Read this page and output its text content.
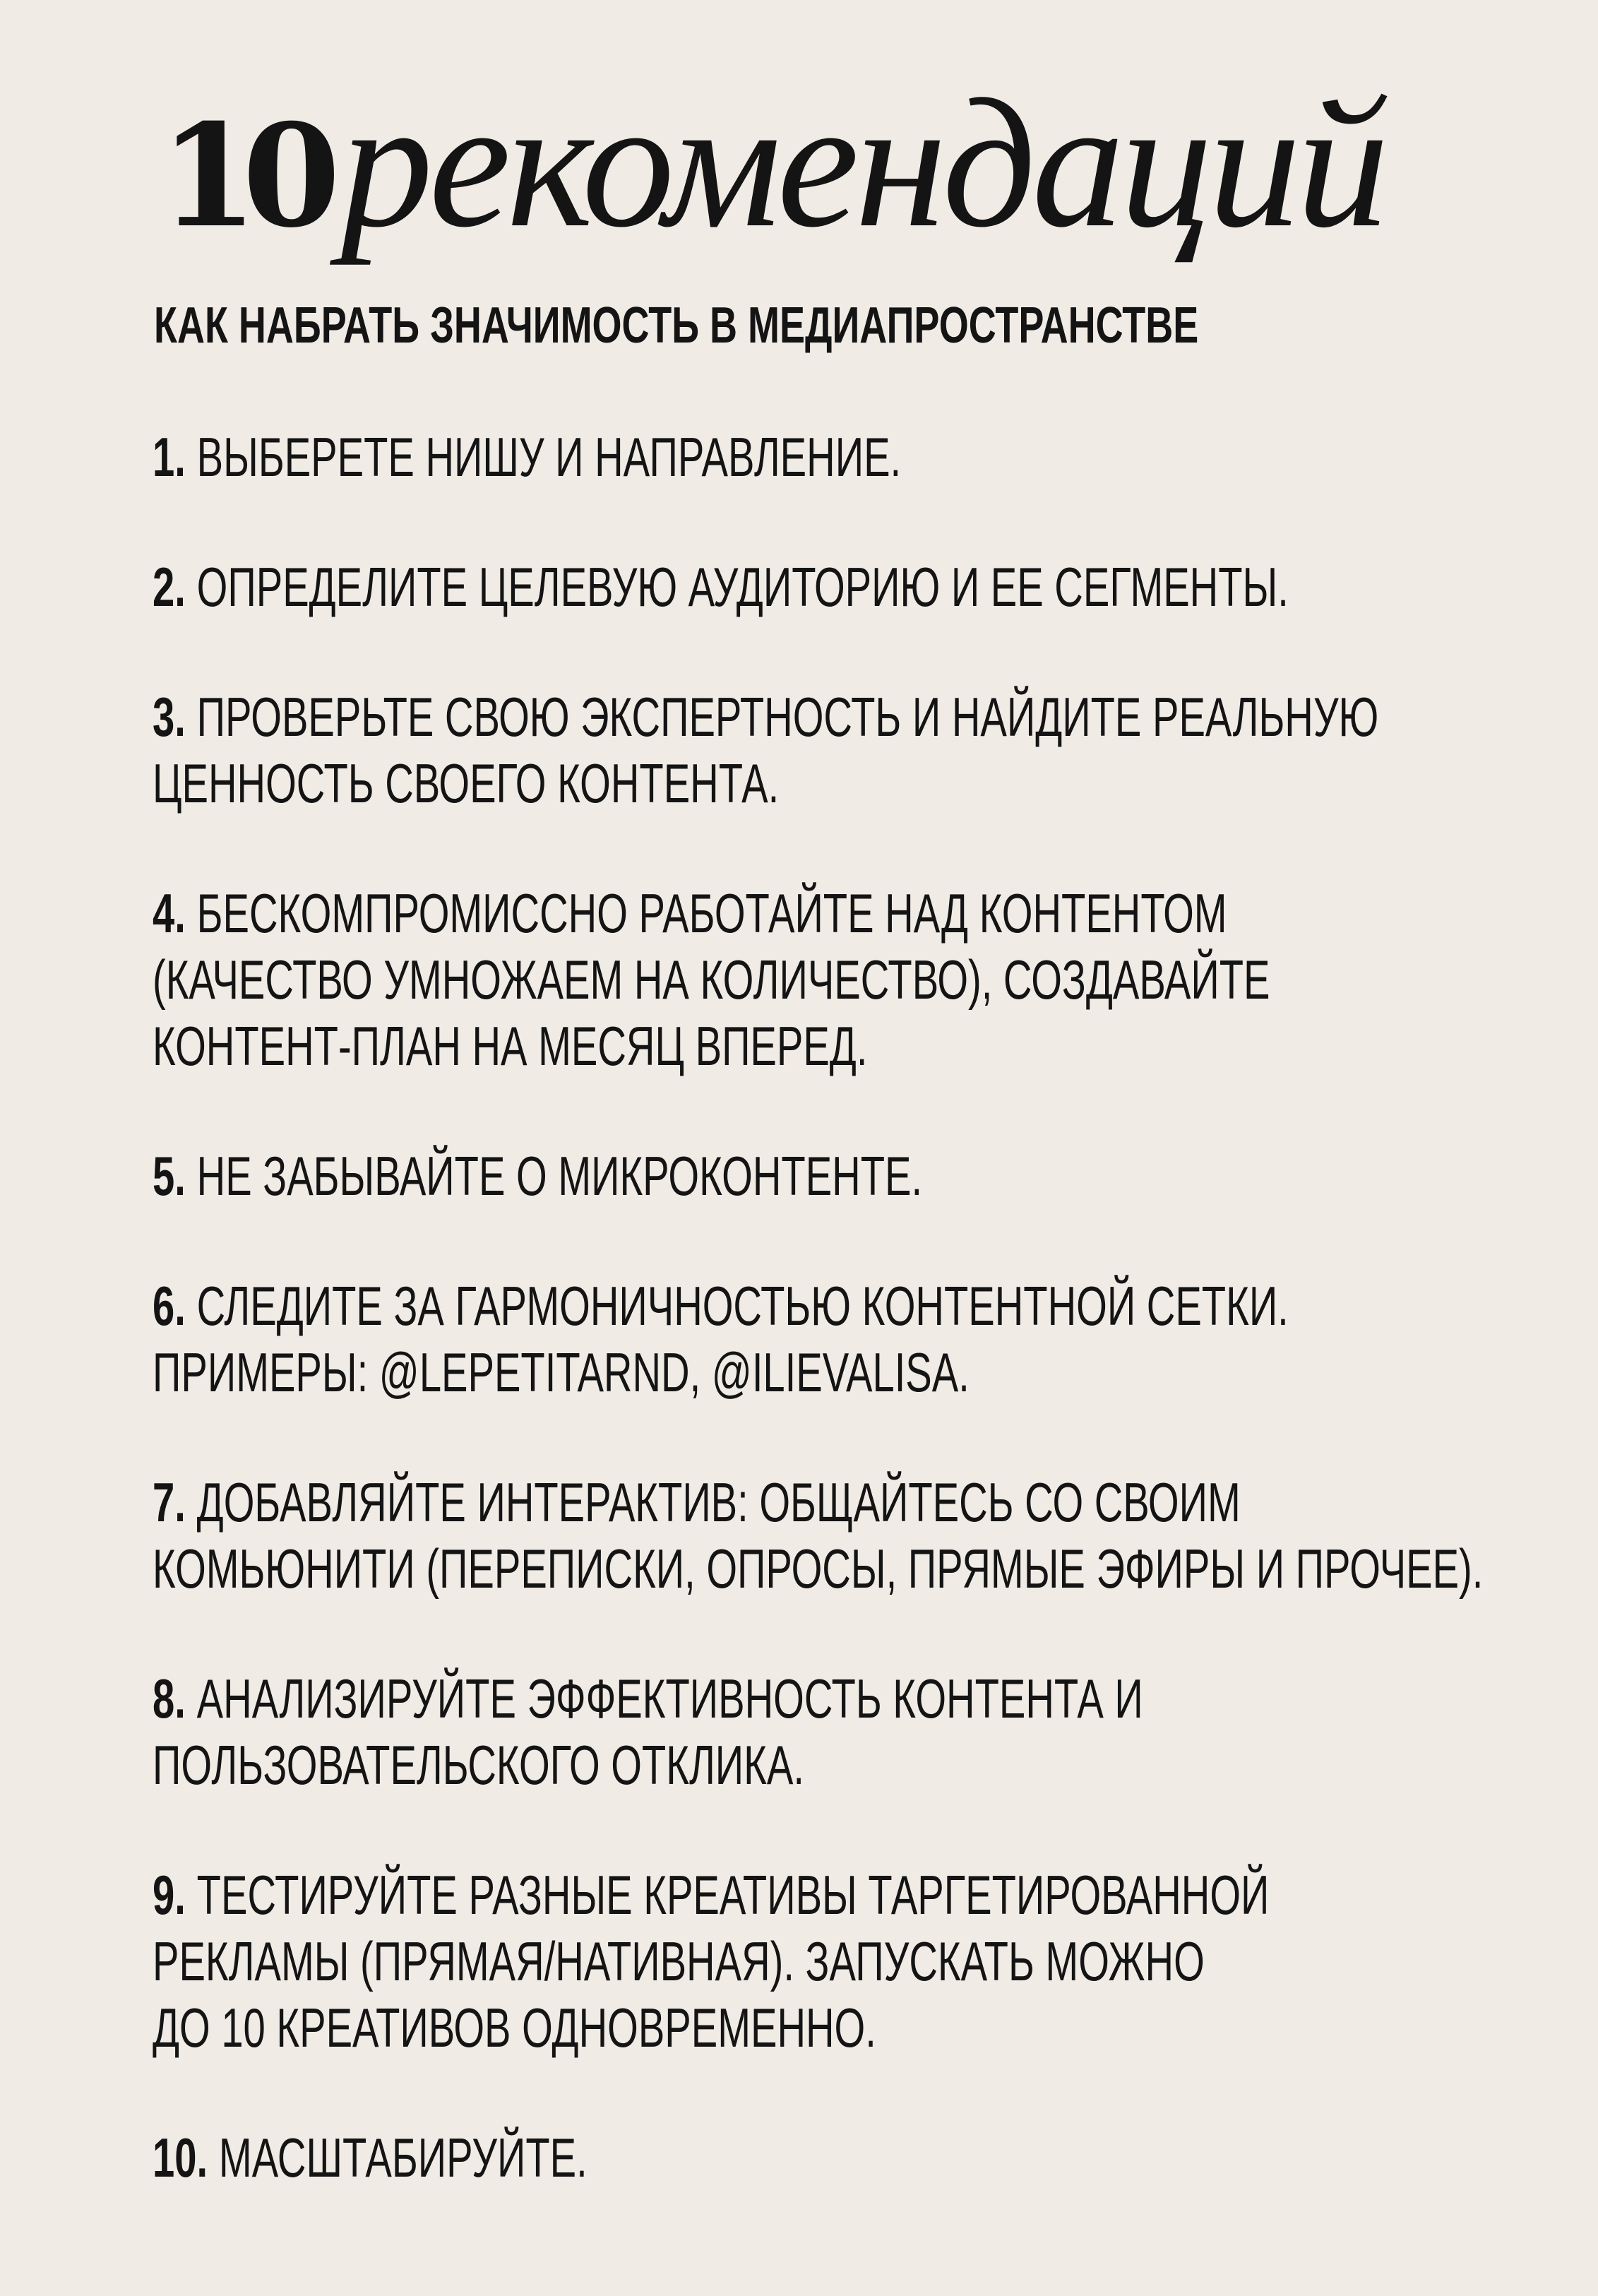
10рекомендаций
КАК НАБРАТЬ ЗНАЧИМОСТЬ В МЕДИАПРОСТРАНСТВЕ
1. ВЫБЕРЕТЕ НИШУ И НАПРАВЛЕНИЕ.
2. ОПРЕДЕЛИТЕ ЦЕЛЕВУЮ АУДИТОРИЮ И ЕЕ СЕГМЕНТЫ.
3. ПРОВЕРЬТЕ СВОЮ ЭКСПЕРТНОСТЬ И НАЙДИТЕ РЕАЛЬНУЮ
ЦЕННОСТЬ СВОЕГО КОНТЕНТА.
4. БЕСКОМПРОМИССНО РАБОТАЙТЕ НАД КОНТЕНТОМ
(КАЧЕСТВО УМНОЖАЕМ НА КОЛИЧЕСТВО), СОЗДАВАЙТЕ
КОНТЕНТ-ПЛАН НА МЕСЯЦ ВПЕРЕД.
5. НЕ ЗАБЫВАЙТЕ О МИКРОКОНТЕНТЕ.
6. СЛЕДИТЕ ЗА ГАРМОНИЧНОСТЬЮ КОНТЕНТНОЙ СЕТКИ.
ПРИМЕРЫ: @LEPETITARND, @ILIEVALISA.
7. ДОБАВЛЯЙТЕ ИНТЕРАКТИВ: ОБЩАЙТЕСЬ СО СВОИМ
КОМЬЮНИТИ (ПЕРЕПИСКИ, ОПРОСЫ, ПРЯМЫЕ ЭФИРЫ И ПРОЧЕЕ).
8. АНАЛИЗИРУЙТЕ ЭФФЕКТИВНОСТЬ КОНТЕНТА И
ПОЛЬЗОВАТЕЛЬСКОГО ОТКЛИКА.
9. ТЕСТИРУЙТЕ РАЗНЫЕ КРЕАТИВЫ ТАРГЕТИРОВАННОЙ
РЕКЛАМЫ (ПРЯМАЯ/НАТИВНАЯ). ЗАПУСКАТЬ МОЖНО
ДО 10 КРЕАТИВОВ ОДНОВРЕМЕННО.
10. МАСШТАБИРУЙТЕ.
